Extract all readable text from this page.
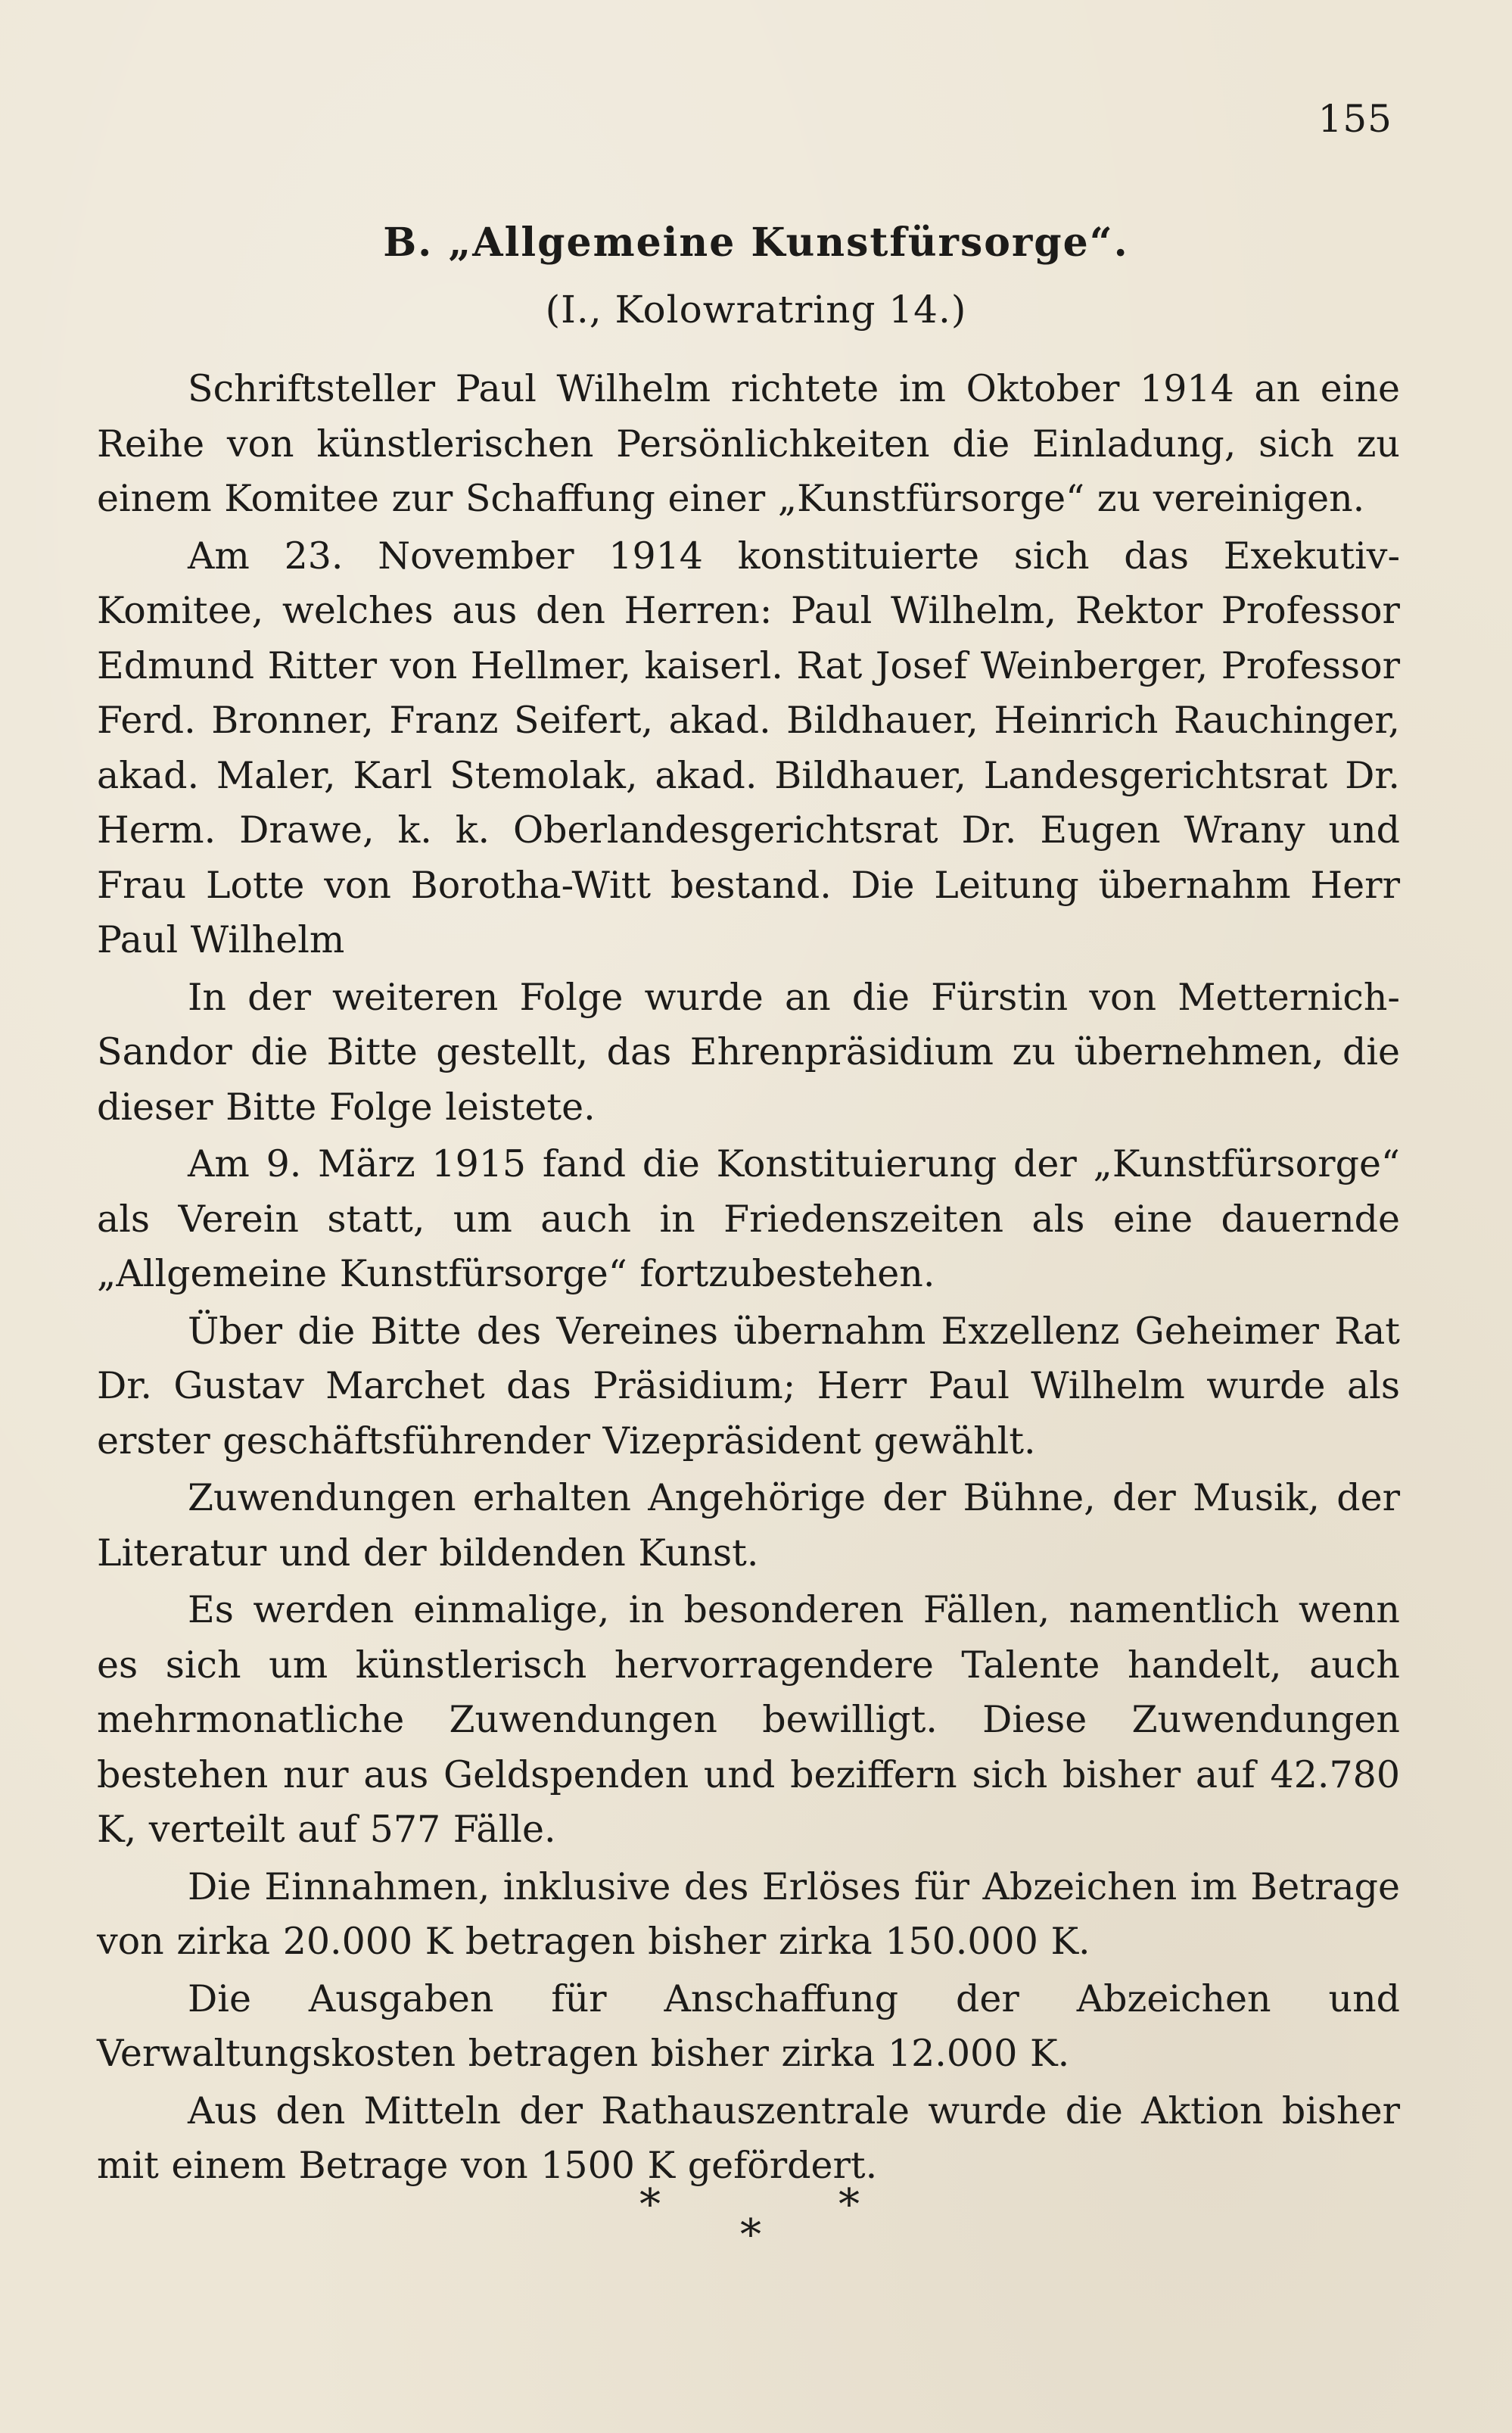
155
B. „Allgemeine Kunstfürsorge“.
(I., Kolowratring 14.)

Schriftsteller Paul Wilhelm richtete im Oktober 1914 an eine Reihe von künstlerischen Persönlichkeiten die Einladung, sich zu einem Komitee zur Schaffung einer „Kunstfürsorge“ zu vereinigen.

Am 23. November 1914 konstituierte sich das Exekutiv-Komitee, welches aus den Herren: Paul Wilhelm, Rektor Professor Edmund Ritter von Hellmer, kaiserl. Rat Josef Weinberger, Professor Ferd. Bronner, Franz Seifert, akad. Bildhauer, Heinrich Rauchinger, akad. Maler, Karl Stemolak, akad. Bildhauer, Landesgerichtsrat Dr. Herm. Drawe, k. k. Oberlandesgerichtsrat Dr. Eugen Wrany und Frau Lotte von Borotha-Witt bestand. Die Leitung übernahm Herr Paul Wilhelm

In der weiteren Folge wurde an die Fürstin von Metternich-Sandor die Bitte gestellt, das Ehrenpräsidium zu übernehmen, die dieser Bitte Folge leistete.

Am 9. März 1915 fand die Konstituierung der „Kunstfürsorge“ als Verein statt, um auch in Friedenszeiten als eine dauernde „Allgemeine Kunstfürsorge“ fortzubestehen.

Über die Bitte des Vereines übernahm Exzellenz Geheimer Rat Dr. Gustav Marchet das Präsidium; Herr Paul Wilhelm wurde als erster geschäftsführender Vizepräsident gewählt.

Zuwendungen erhalten Angehörige der Bühne, der Musik, der Literatur und der bildenden Kunst.

Es werden einmalige, in besonderen Fällen, namentlich wenn es sich um künstlerisch hervorragendere Talente handelt, auch mehrmonatliche Zuwendungen bewilligt. Diese Zuwendungen bestehen nur aus Geldspenden und beziffern sich bisher auf 42.780 K, verteilt auf 577 Fälle.

Die Einnahmen, inklusive des Erlöses für Abzeichen im Betrage von zirka 20.000 K betragen bisher zirka 150.000 K.

Die Ausgaben für Anschaffung der Abzeichen und Verwaltungskosten betragen bisher zirka 12.000 K.

Aus den Mitteln der Rathauszentrale wurde die Aktion bisher mit einem Betrage von 1500 K gefördert.

*	*
*
